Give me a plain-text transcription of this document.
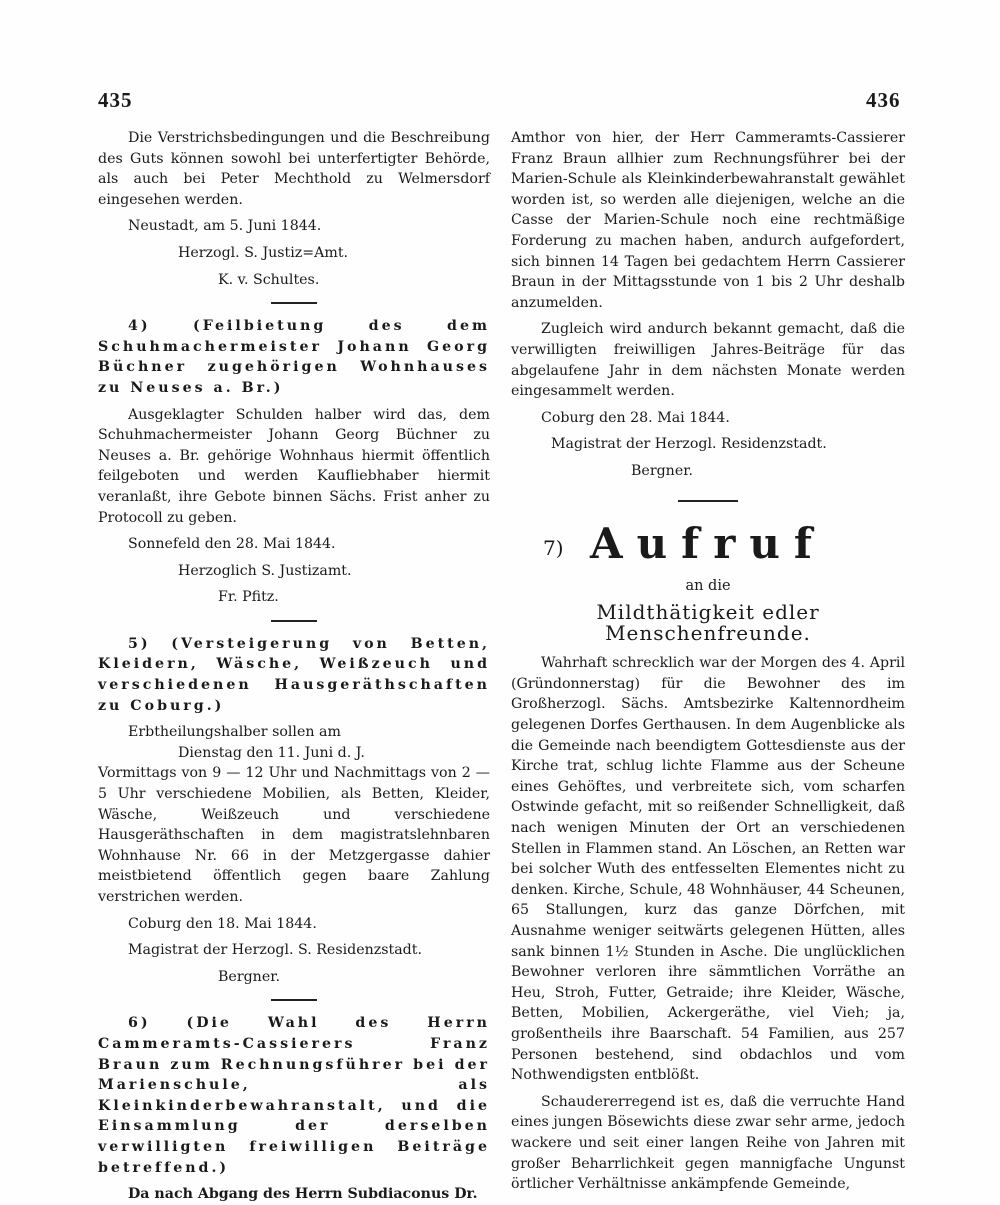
435	436

Die Verstrichsbedingungen und die Beschreibung des Guts können sowohl bei unterfertigter Behörde, als auch bei Peter Mechthold zu Welmersdorf eingesehen werden.

Neustadt, am 5. Juni 1844.

Herzogl. S. Justiz=Amt.

K. v. Schultes.

4) (Feilbietung des dem Schuhmachermeister Johann Georg Büchner zugehörigen Wohnhauses zu Neuses a. Br.)

Ausgeklagter Schulden halber wird das, dem Schuhmachermeister Johann Georg Büchner zu Neuses a. Br. gehörige Wohnhaus hiermit öffentlich feilgeboten und werden Kaufliebhaber hiermit veranlaßt, ihre Gebote binnen Sächs. Frist anher zu Protocoll zu geben.

Sonnefeld den 28. Mai 1844.

Herzoglich S. Justizamt.

Fr. Pfitz.

5) (Versteigerung von Betten, Kleidern, Wäsche, Weißzeuch und verschiedenen Hausgeräthschaften zu Coburg.)

Erbtheilungshalber sollen am

Dienstag den 11. Juni d. J.

Vormittags von 9 — 12 Uhr und Nachmittags von 2 — 5 Uhr verschiedene Mobilien, als Betten, Kleider, Wäsche, Weißzeuch und verschiedene Hausgeräthschaften in dem magistratslehnbaren Wohnhause Nr. 66 in der Metzgergasse dahier meistbietend öffentlich gegen baare Zahlung verstrichen werden.

Coburg den 18. Mai 1844.

Magistrat der Herzogl. S. Residenzstadt.

Bergner.

6) (Die Wahl des Herrn Cammeramts-Cassierers Franz Braun zum Rechnungsführer bei der Marienschule, als Kleinkinderbewahranstalt, und die Einsammlung der derselben verwilligten freiwilligen Beiträge betreffend.)

Da nach Abgang des Herrn Subdiaconus Dr.

Amthor von hier, der Herr Cammeramts-Cassierer Franz Braun allhier zum Rechnungsführer bei der Marien-Schule als Kleinkinderbewahranstalt gewählet worden ist, so werden alle diejenigen, welche an die Casse der Marien-Schule noch eine rechtmäßige Forderung zu machen haben, andurch aufgefordert, sich binnen 14 Tagen bei gedachtem Herrn Cassierer Braun in der Mittagsstunde von 1 bis 2 Uhr deshalb anzumelden.

Zugleich wird andurch bekannt gemacht, daß die verwilligten freiwilligen Jahres-Beiträge für das abgelaufene Jahr in dem nächsten Monate werden eingesammelt werden.

Coburg den 28. Mai 1844.

Magistrat der Herzogl. Residenzstadt.

Bergner.

7) Aufruf

an die

Mildthätigkeit edler Menschenfreunde.

Wahrhaft schrecklich war der Morgen des 4. April (Gründonnerstag) für die Bewohner des im Großherzogl. Sächs. Amtsbezirke Kaltennordheim gelegenen Dorfes Gerthausen. In dem Augenblicke als die Gemeinde nach beendigtem Gottesdienste aus der Kirche trat, schlug lichte Flamme aus der Scheune eines Gehöftes, und verbreitete sich, vom scharfen Ostwinde gefacht, mit so reißender Schnelligkeit, daß nach wenigen Minuten der Ort an verschiedenen Stellen in Flammen stand. An Löschen, an Retten war bei solcher Wuth des entfesselten Elementes nicht zu denken. Kirche, Schule, 48 Wohnhäuser, 44 Scheunen, 65 Stallungen, kurz das ganze Dörfchen, mit Ausnahme weniger seitwärts gelegenen Hütten, alles sank binnen 1½ Stunden in Asche. Die unglücklichen Bewohner verloren ihre sämmtlichen Vorräthe an Heu, Stroh, Futter, Getraide; ihre Kleider, Wäsche, Betten, Mobilien, Ackergeräthe, viel Vieh; ja, großentheils ihre Baarschaft. 54 Familien, aus 257 Personen bestehend, sind obdachlos und vom Nothwendigsten entblößt.

Schaudererregend ist es, daß die verruchte Hand eines jungen Bösewichts diese zwar sehr arme, jedoch wackere und seit einer langen Reihe von Jahren mit großer Beharrlichkeit gegen mannigfache Ungunst örtlicher Verhältnisse ankämpfende Gemeinde,
